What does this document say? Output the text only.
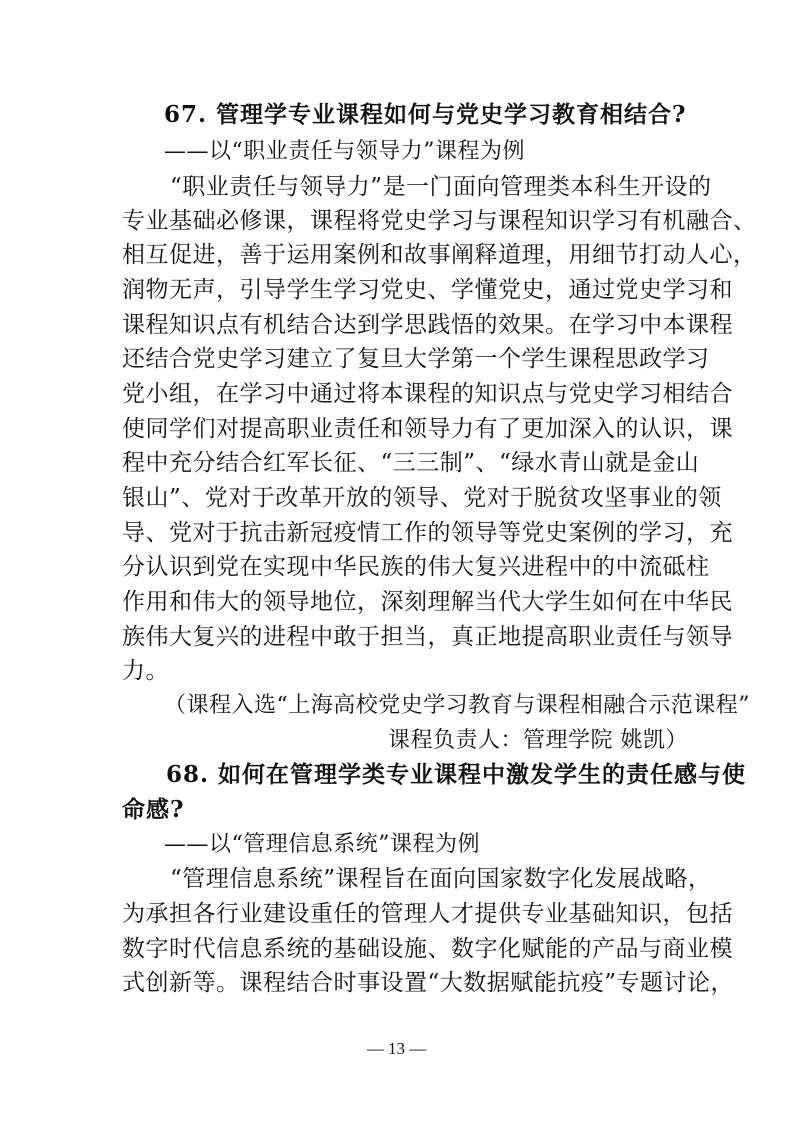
67. 管理学专业课程如何与党史学习教育相结合?
——以“职业责任与领导力”课程为例
“职业责任与领导力”是一门面向管理类本科生开设的
专业基础必修课，课程将党史学习与课程知识学习有机融合、
相互促进，善于运用案例和故事阐释道理，用细节打动人心，
润物无声，引导学生学习党史、学懂党史，通过党史学习和
课程知识点有机结合达到学思践悟的效果。在学习中本课程
还结合党史学习建立了复旦大学第一个学生课程思政学习
党小组，在学习中通过将本课程的知识点与党史学习相结合
使同学们对提高职业责任和领导力有了更加深入的认识，课
程中充分结合红军长征、“三三制”、“绿水青山就是金山
银山”、党对于改革开放的领导、党对于脱贫攻坚事业的领
导、党对于抗击新冠疫情工作的领导等党史案例的学习，充
分认识到党在实现中华民族的伟大复兴进程中的中流砥柱
作用和伟大的领导地位，深刻理解当代大学生如何在中华民
族伟大复兴的进程中敢于担当，真正地提高职业责任与领导
力。
（课程入选“上海高校党史学习教育与课程相融合示范课程”
课程负责人：管理学院 姚凯）
68. 如何在管理学类专业课程中激发学生的责任感与使
命感?
——以“管理信息系统”课程为例
“管理信息系统”课程旨在面向国家数字化发展战略，
为承担各行业建设重任的管理人才提供专业基础知识，包括
数字时代信息系统的基础设施、数字化赋能的产品与商业模
式创新等。课程结合时事设置“大数据赋能抗疫”专题讨论，
— 13 —
